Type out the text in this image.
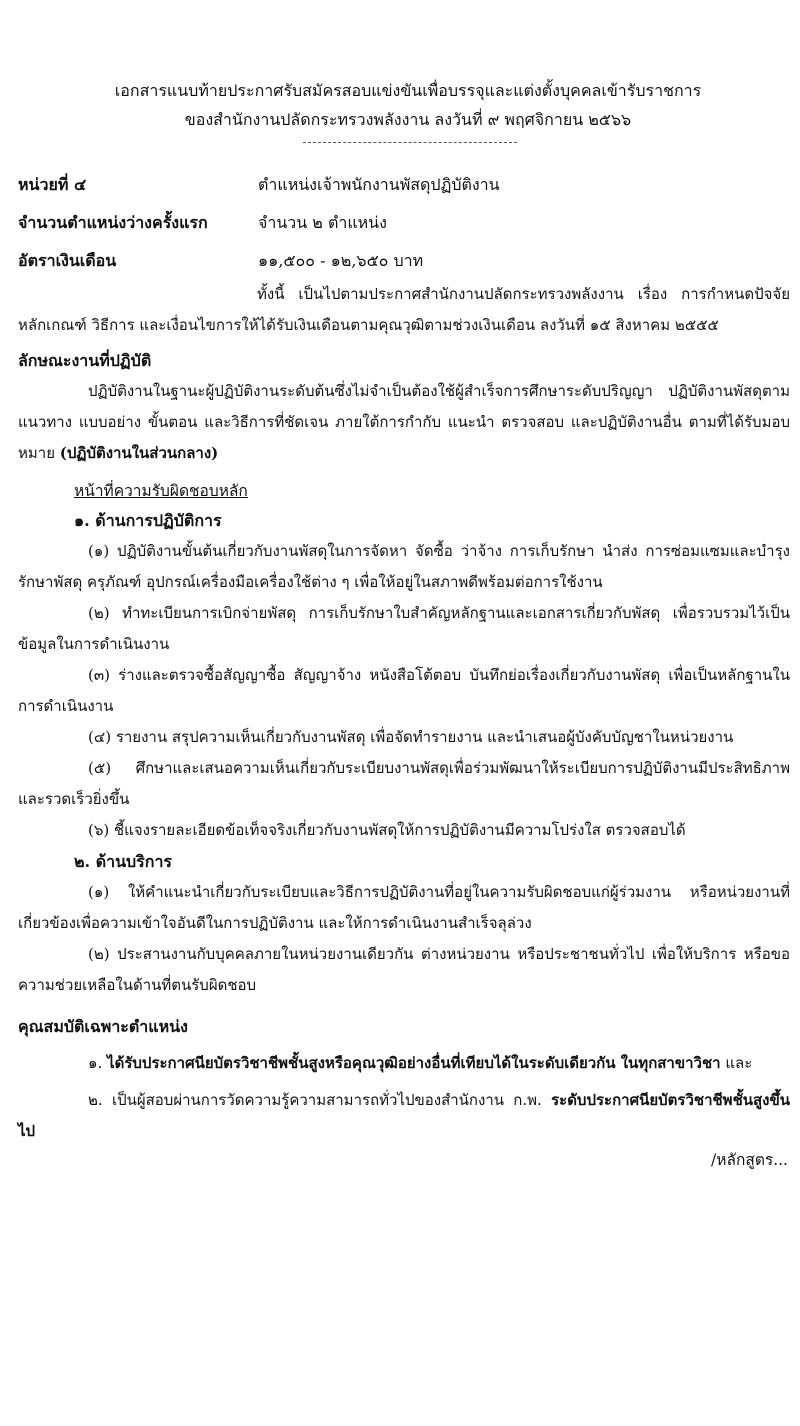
เอกสารแนบท้ายประกาศรับสมัครสอบแข่งขันเพื่อบรรจุและแต่งตั้งบุคคลเข้ารับราชการ
ของสำนักงานปลัดกระทรวงพลังงาน ลงวันที่ ๙ พฤศจิกายน ๒๕๖๖
หน่วยที่ ๔	ตำแหน่งเจ้าพนักงานพัสดุปฏิบัติงาน
จำนวนตำแหน่งว่างครั้งแรก	จำนวน ๒ ตำแหน่ง
อัตราเงินเดือน	๑๑,๕๐๐ - ๑๒,๖๕๐ บาท
ทั้งนี้ เป็นไปตามประกาศสำนักงานปลัดกระทรวงพลังงาน เรื่อง การกำหนดปัจจัย หลักเกณฑ์ วิธีการ และเงื่อนไขการให้ได้รับเงินเดือนตามคุณวุฒิตามช่วงเงินเดือน ลงวันที่ ๑๕ สิงหาคม ๒๕๕๕
ลักษณะงานที่ปฏิบัติ
ปฏิบัติงานในฐานะผู้ปฏิบัติงานระดับต้นซึ่งไม่จำเป็นต้องใช้ผู้สำเร็จการศึกษาระดับปริญญา ปฏิบัติงานพัสดุตามแนวทาง แบบอย่าง ขั้นตอน และวิธีการที่ชัดเจน ภายใต้การกำกับ แนะนำ ตรวจสอบ และปฏิบัติงานอื่น ตามที่ได้รับมอบหมาย (ปฏิบัติงานในส่วนกลาง)
หน้าที่ความรับผิดชอบหลัก
๑. ด้านการปฏิบัติการ
(๑) ปฏิบัติงานขั้นต้นเกี่ยวกับงานพัสดุในการจัดหา จัดซื้อ ว่าจ้าง การเก็บรักษา นำส่ง การซ่อมแซมและบำรุงรักษาพัสดุ ครุภัณฑ์ อุปกรณ์เครื่องมือเครื่องใช้ต่าง ๆ เพื่อให้อยู่ในสภาพดีพร้อมต่อการใช้งาน
(๒) ทำทะเบียนการเบิกจ่ายพัสดุ การเก็บรักษาใบสำคัญหลักฐานและเอกสารเกี่ยวกับพัสดุ เพื่อรวบรวมไว้เป็นข้อมูลในการดำเนินงาน
(๓) ร่างและตรวจซื้อสัญญาซื้อ สัญญาจ้าง หนังสือโต้ตอบ บันทึกย่อเรื่องเกี่ยวกับงานพัสดุ เพื่อเป็นหลักฐานในการดำเนินงาน
(๔) รายงาน สรุปความเห็นเกี่ยวกับงานพัสดุ เพื่อจัดทำรายงาน และนำเสนอผู้บังคับบัญชาในหน่วยงาน
(๕) ศึกษาและเสนอความเห็นเกี่ยวกับระเบียบงานพัสดุเพื่อร่วมพัฒนาให้ระเบียบการปฏิบัติงานมีประสิทธิภาพและรวดเร็วยิ่งขึ้น
(๖) ชี้แจงรายละเอียดข้อเท็จจริงเกี่ยวกับงานพัสดุให้การปฏิบัติงานมีความโปร่งใส ตรวจสอบได้
๒. ด้านบริการ
(๑) ให้คำแนะนำเกี่ยวกับระเบียบและวิธีการปฏิบัติงานที่อยู่ในความรับผิดชอบแก่ผู้ร่วมงาน หรือหน่วยงานที่เกี่ยวข้องเพื่อความเข้าใจอันดีในการปฏิบัติงาน และให้การดำเนินงานสำเร็จลุล่วง
(๒) ประสานงานกับบุคคลภายในหน่วยงานเดียวกัน ต่างหน่วยงาน หรือประชาชนทั่วไป เพื่อให้บริการ หรือขอความช่วยเหลือในด้านที่ตนรับผิดชอบ
คุณสมบัติเฉพาะตำแหน่ง
๑. ได้รับประกาศนียบัตรวิชาชีพชั้นสูงหรือคุณวุฒิอย่างอื่นที่เทียบได้ในระดับเดียวกัน ในทุกสาขาวิชา และ
๒. เป็นผู้สอบผ่านการวัดความรู้ความสามารถทั่วไปของสำนักงาน ก.พ. ระดับประกาศนียบัตรวิชาชีพชั้นสูงขึ้นไป
/หลักสูตร...
